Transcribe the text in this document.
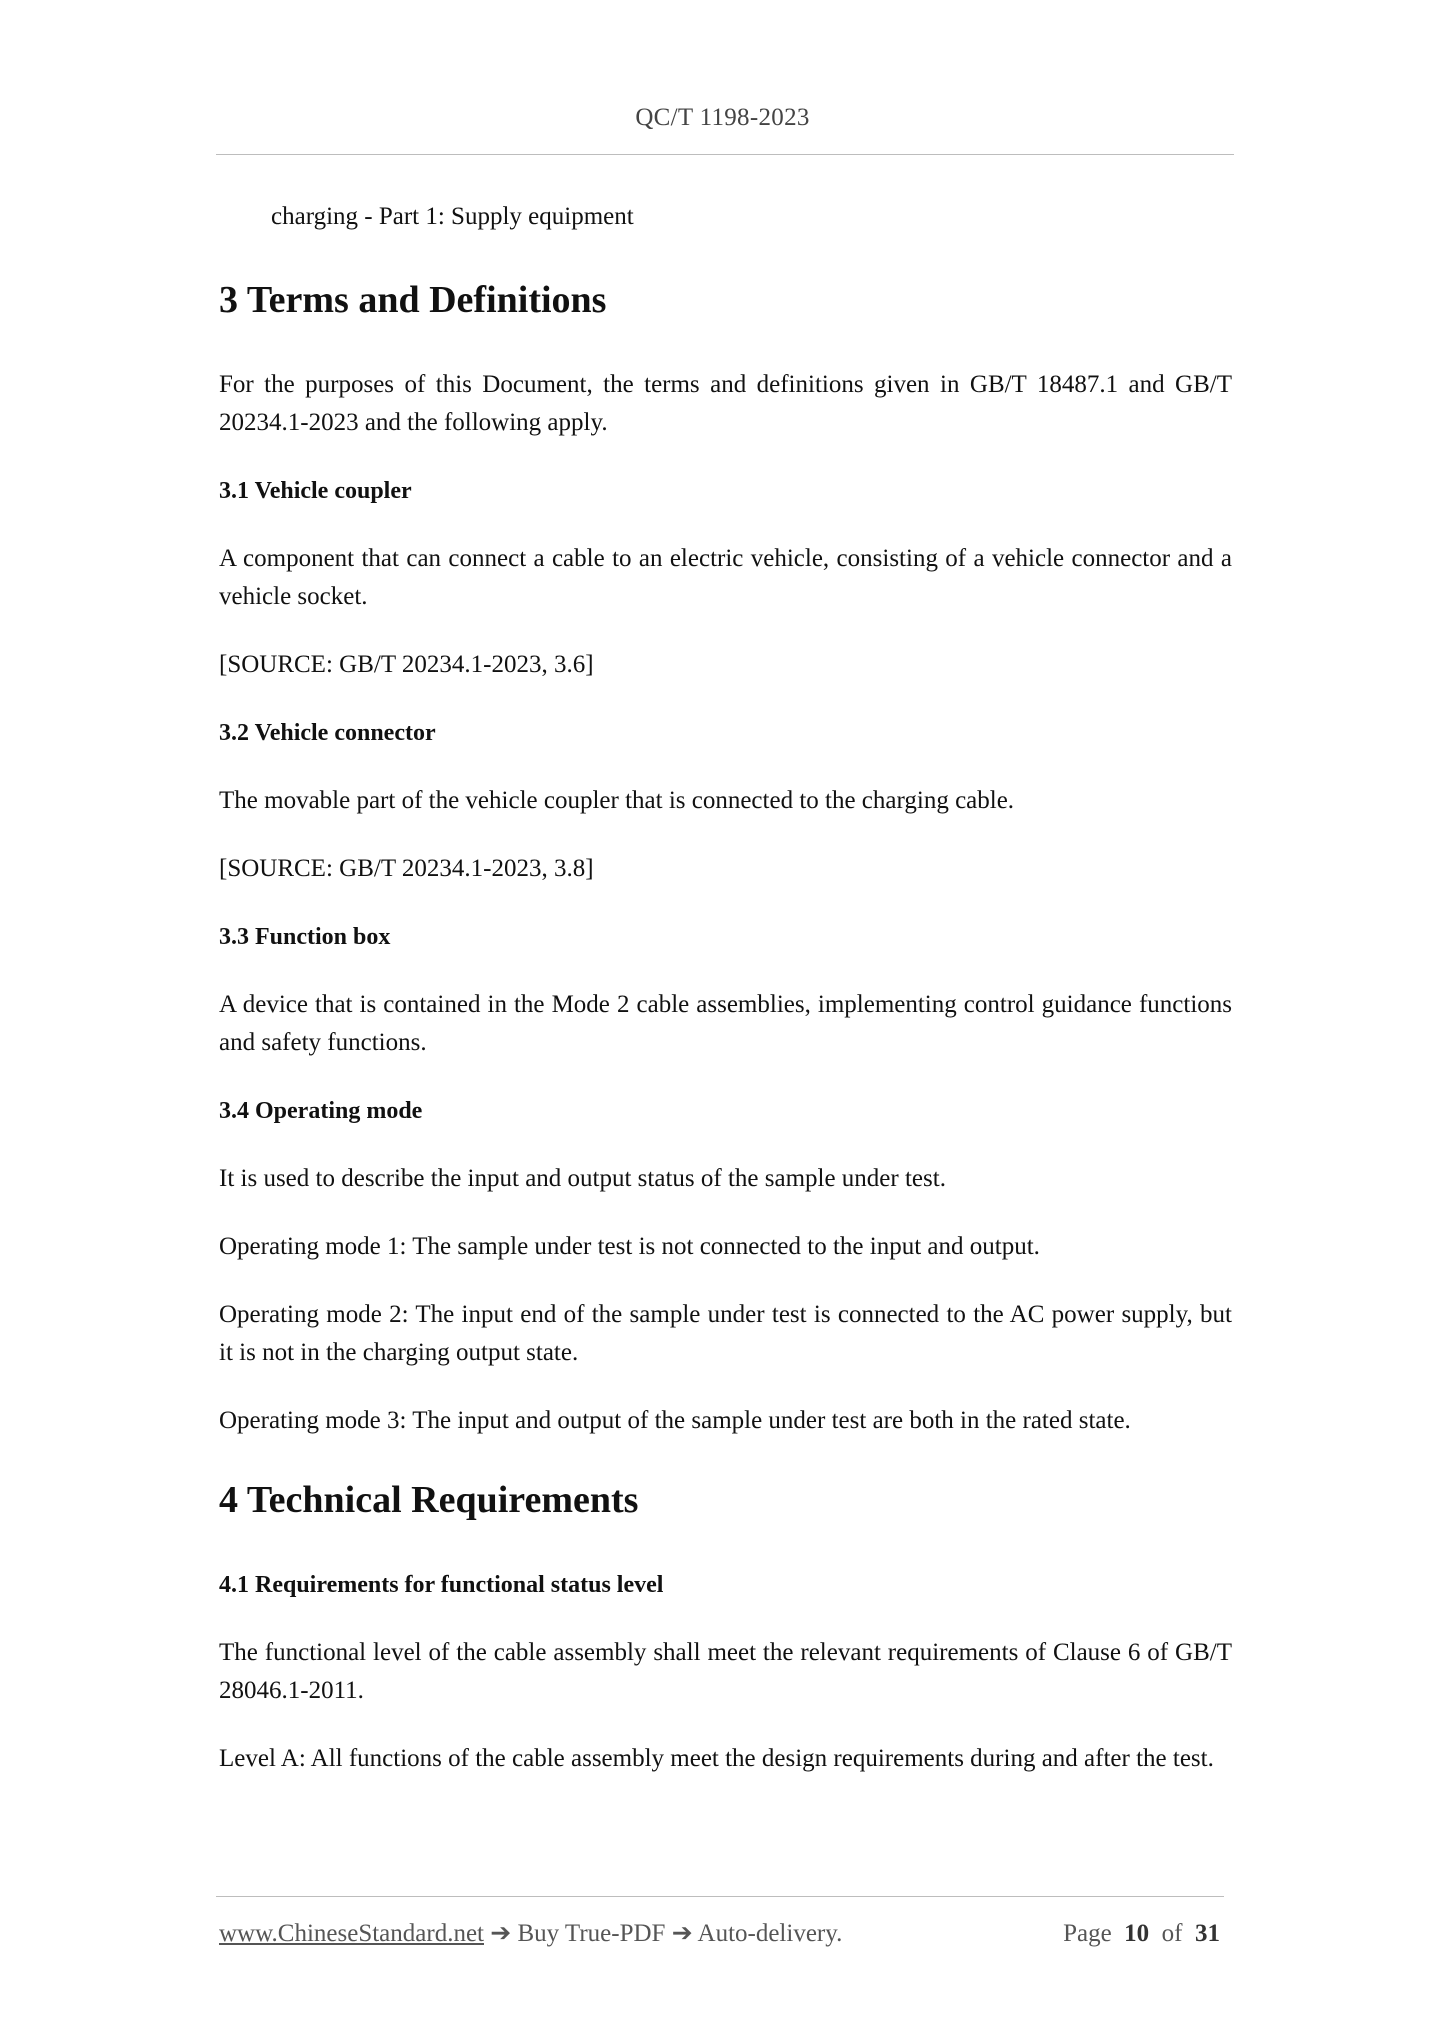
QC/T 1198-2023

charging - Part 1: Supply equipment

3 Terms and Definitions

For the purposes of this Document, the terms and definitions given in GB/T 18487.1 and GB/T 20234.1-2023 and the following apply.

3.1 Vehicle coupler

A component that can connect a cable to an electric vehicle, consisting of a vehicle connector and a vehicle socket.

[SOURCE: GB/T 20234.1-2023, 3.6]

3.2 Vehicle connector

The movable part of the vehicle coupler that is connected to the charging cable.

[SOURCE: GB/T 20234.1-2023, 3.8]

3.3 Function box

A device that is contained in the Mode 2 cable assemblies, implementing control guidance functions and safety functions.

3.4 Operating mode

It is used to describe the input and output status of the sample under test.

Operating mode 1: The sample under test is not connected to the input and output.

Operating mode 2: The input end of the sample under test is connected to the AC power supply, but it is not in the charging output state.

Operating mode 3: The input and output of the sample under test are both in the rated state.

4 Technical Requirements
4.1 Requirements for functional status level

The functional level of the cable assembly shall meet the relevant requirements of Clause 6 of GB/T 28046.1-2011.

Level A: All functions of the cable assembly meet the design requirements during and after the test.

www.ChineseStandard.net ➔ Buy True-PDF ➔ Auto-delivery.	Page 10 of 31
